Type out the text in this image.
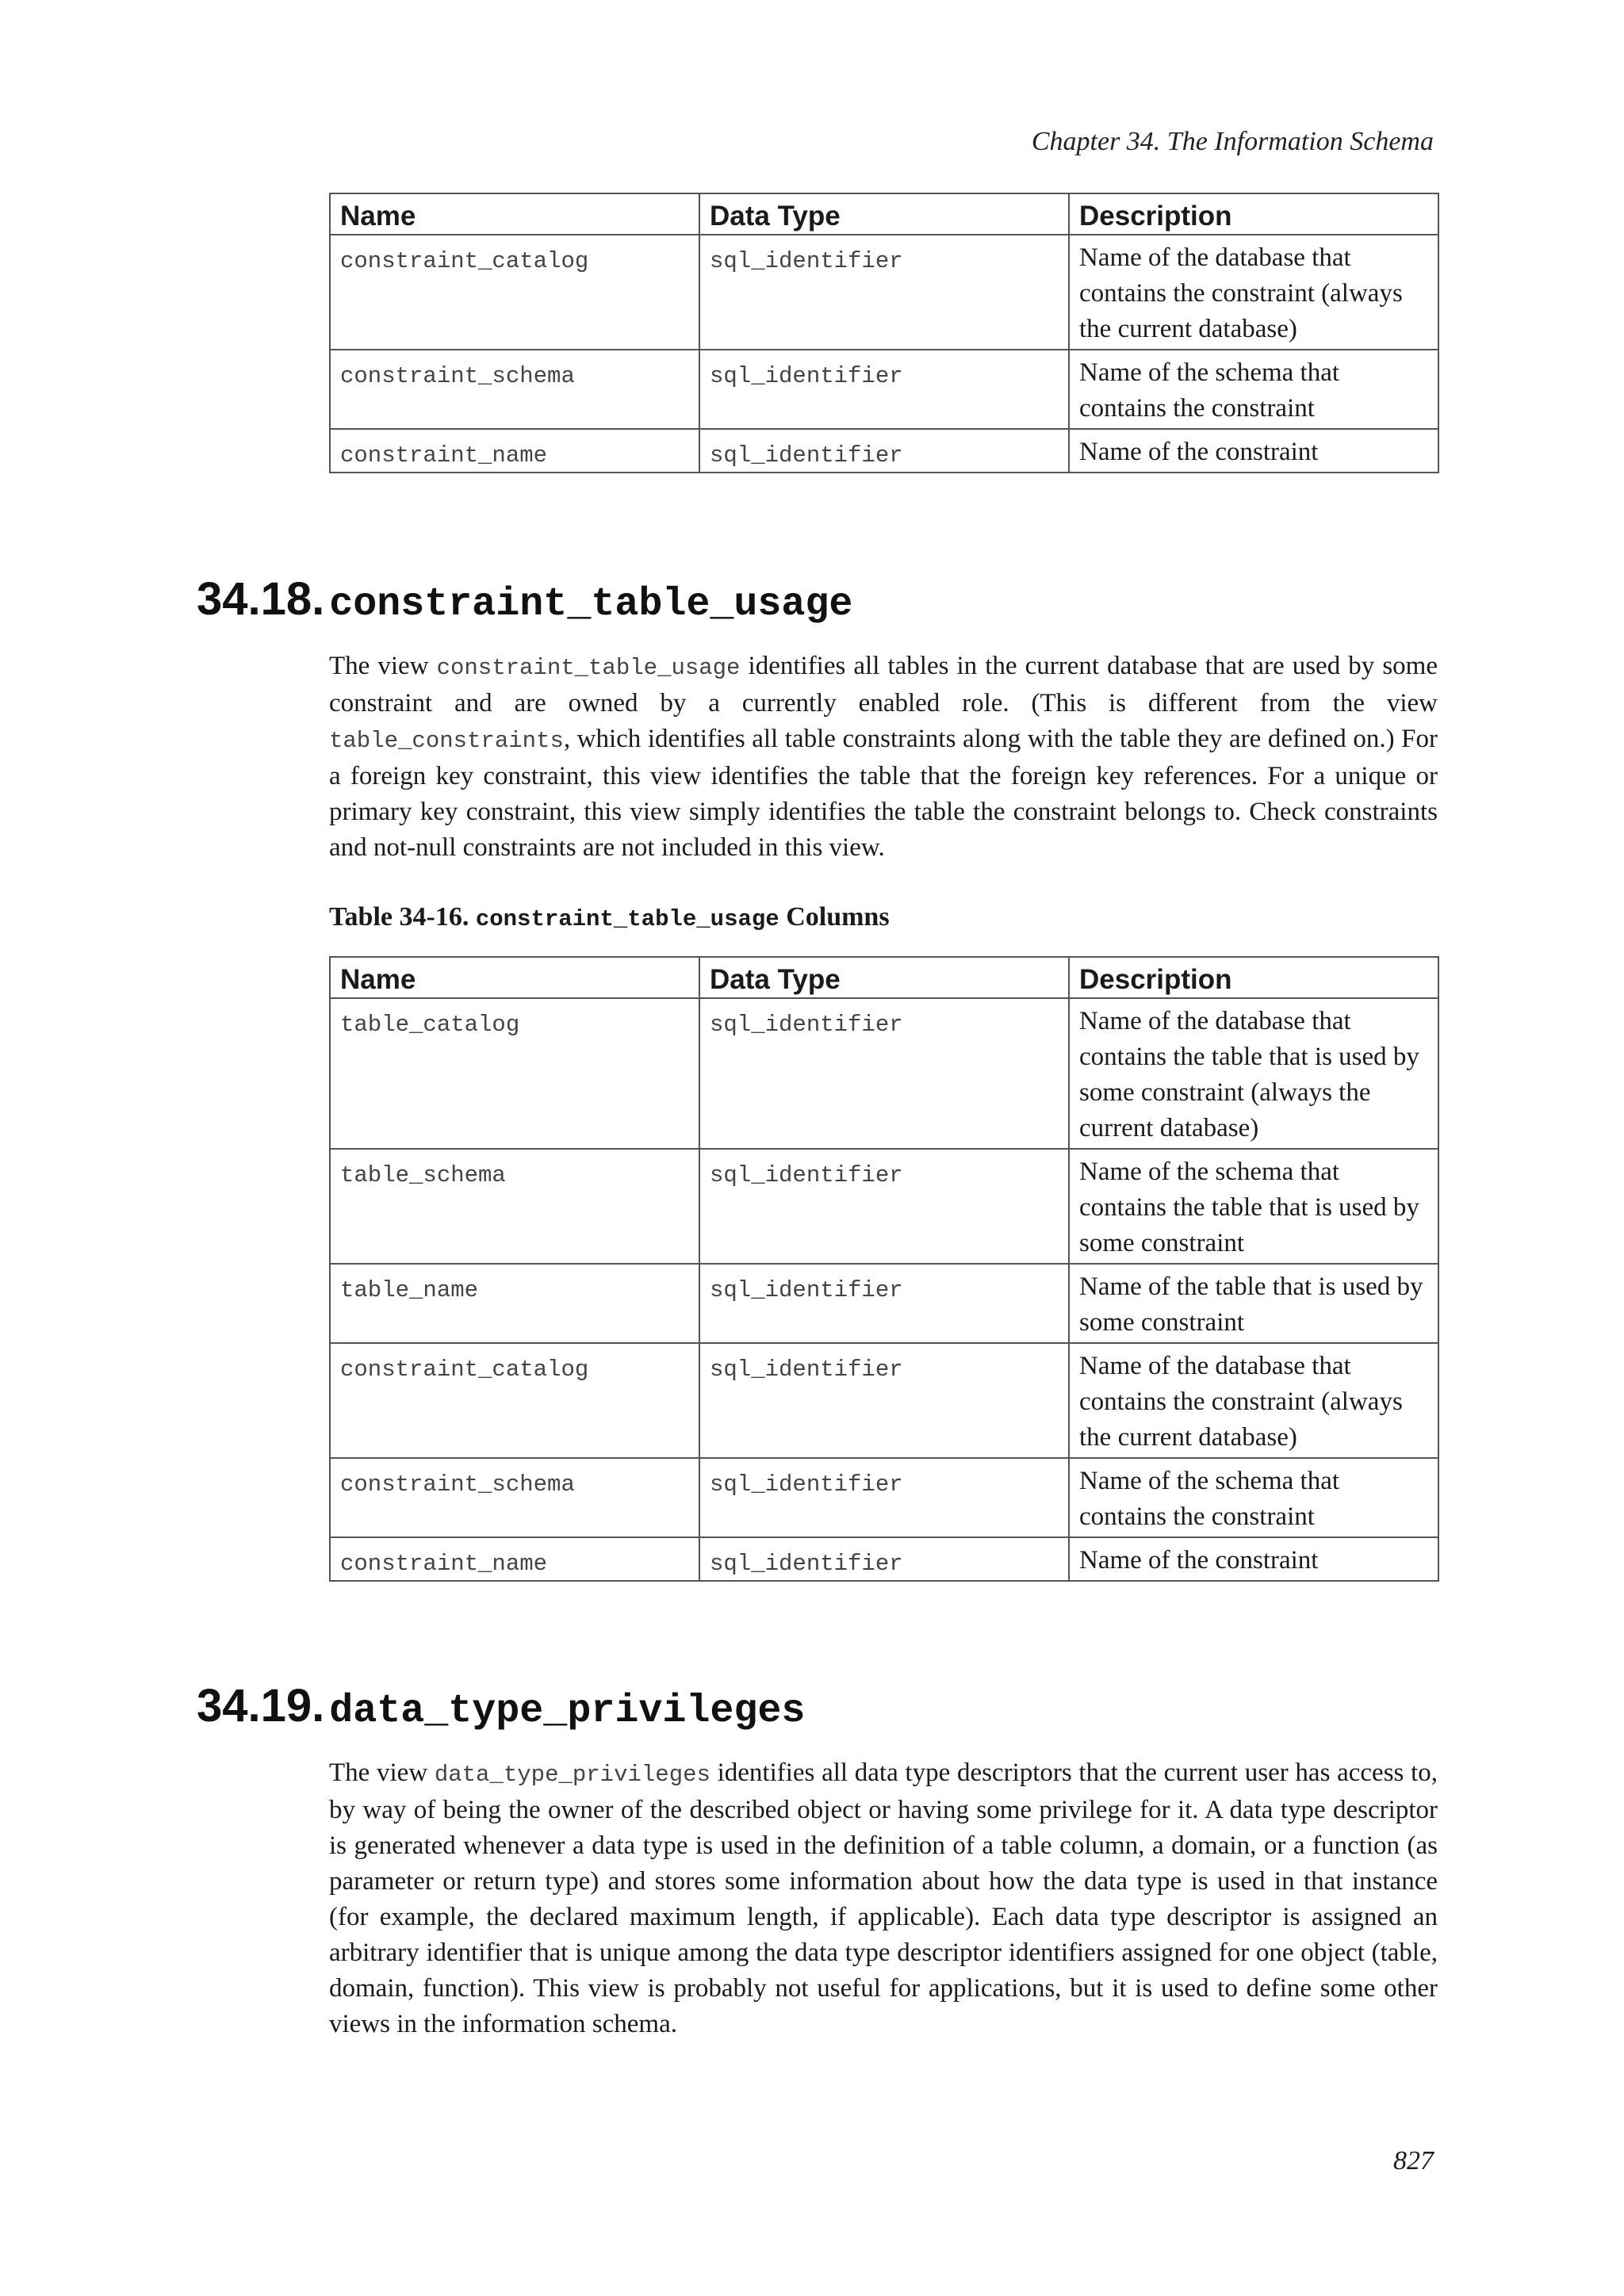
Chapter 34. The Information Schema
Name	Data Type	Description
constraint_catalog	sql_identifier	Name of the database that contains the constraint (always the current database)
constraint_schema	sql_identifier	Name of the schema that contains the constraint
constraint_name	sql_identifier	Name of the constraint
34.18. constraint_table_usage

The view constraint_table_usage identifies all tables in the current database that are used by some constraint and are owned by a currently enabled role. (This is different from the view table_constraints, which identifies all table constraints along with the table they are defined on.) For a foreign key constraint, this view identifies the table that the foreign key references. For a unique or primary key constraint, this view simply identifies the table the constraint belongs to. Check constraints and not-null constraints are not included in this view.

Table 34-16. constraint_table_usage Columns

Name	Data Type	Description
table_catalog	sql_identifier	Name of the database that contains the table that is used by some constraint (always the current database)
table_schema	sql_identifier	Name of the schema that contains the table that is used by some constraint
table_name	sql_identifier	Name of the table that is used by some constraint
constraint_catalog	sql_identifier	Name of the database that contains the constraint (always the current database)
constraint_schema	sql_identifier	Name of the schema that contains the constraint
constraint_name	sql_identifier	Name of the constraint
34.19. data_type_privileges

The view data_type_privileges identifies all data type descriptors that the current user has access to, by way of being the owner of the described object or having some privilege for it. A data type descriptor is generated whenever a data type is used in the definition of a table column, a domain, or a function (as parameter or return type) and stores some information about how the data type is used in that instance (for example, the declared maximum length, if applicable). Each data type descriptor is assigned an arbitrary identifier that is unique among the data type descriptor identifiers assigned for one object (table, domain, function). This view is probably not useful for applications, but it is used to define some other views in the information schema.

827
